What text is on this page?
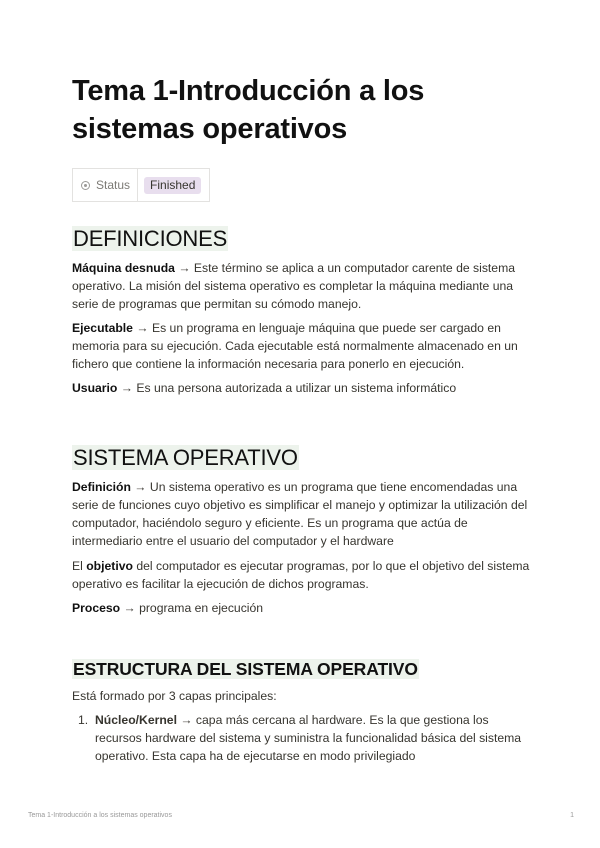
Tema 1-Introducción a los sistemas operativos
Status	Finished
DEFINICIONES

Máquina desnuda → Este término se aplica a un computador carente de sistema operativo. La misión del sistema operativo es completar la máquina mediante una serie de programas que permitan su cómodo manejo.

Ejecutable → Es un programa en lenguaje máquina que puede ser cargado en memoria para su ejecución. Cada ejecutable está normalmente almacenado en un fichero que contiene la información necesaria para ponerlo en ejecución.

Usuario → Es una persona autorizada a utilizar un sistema informático

SISTEMA OPERATIVO

Definición → Un sistema operativo es un programa que tiene encomendadas una serie de funciones cuyo objetivo es simplificar el manejo y optimizar la utilización del computador, haciéndolo seguro y eficiente. Es un programa que actúa de intermediario entre el usuario del computador y el hardware

El objetivo del computador es ejecutar programas, por lo que el objetivo del sistema operativo es facilitar la ejecución de dichos programas.

Proceso → programa en ejecución

ESTRUCTURA DEL SISTEMA OPERATIVO

Está formado por 3 capas principales:

1. Núcleo/Kernel → capa más cercana al hardware. Es la que gestiona los recursos hardware del sistema y suministra la funcionalidad básica del sistema operativo. Esta capa ha de ejecutarse en modo privilegiado
Tema 1-Introducción a los sistemas operativos	1
